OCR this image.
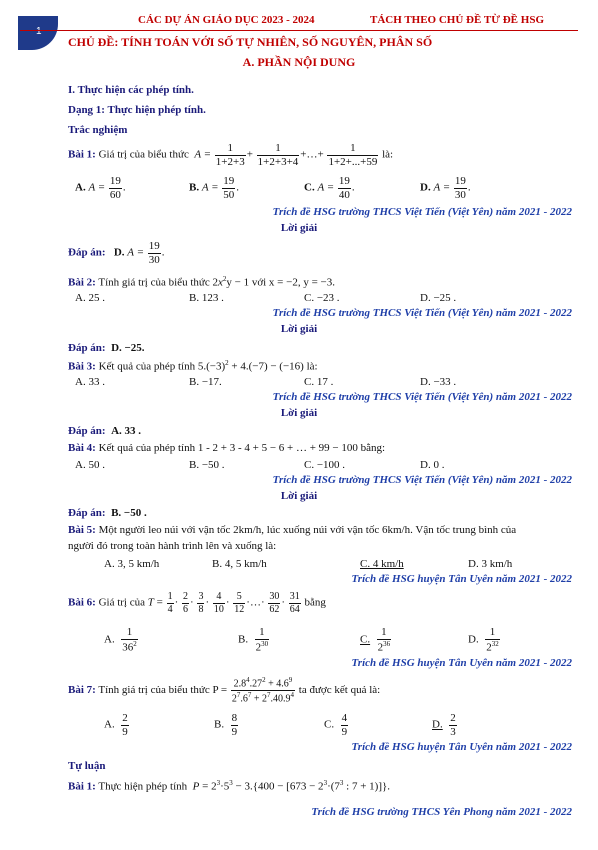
1
CÁC DỰ ÁN GIÁO DỤC 2023 - 2024	TÁCH THEO CHỦ ĐỀ TỪ ĐỀ HSG
CHỦ ĐỀ: TÍNH TOÁN VỚI SỐ TỰ NHIÊN, SỐ NGUYÊN, PHÂN SỐ
A. PHẦN NỘI DUNG
I. Thực hiện các phép tính.
Dạng 1: Thực hiện phép tính.
Trắc nghiệm
Bài 1: Giá trị của biểu thức  $A = \frac{1}{1+2+3} + \frac{1}{1+2+3+4}$ +…+ $\frac{1}{1+2+...+59}$ là:
A. $A = \frac{19}{60}$ .	B. $A = \frac{19}{50}$ .	C. $A = \frac{19}{40}$ .	D. $A = \frac{19}{30}$ .
Trích đề HSG trường THCS Việt Tiến (Việt Yên) năm 2021 - 2022
Lời giải
Đáp án: D. $A = \frac{19}{30}$ .
Bài 2: Tính giá trị của biểu thức $2x^2y - 1$ với x = −2, y = −3.
A. 25 .	B. 123 .	C. −23 .	D. −25 .
Trích đề HSG trường THCS Việt Tiến (Việt Yên) năm 2021 - 2022
Lời giải
Đáp án: D. −25.
Bài 3: Kết quả của phép tính $5.(-3)^2 + 4.(-7) - (-16)$ là:
A. 33 .	B. −17.	C. 17 .	D. −33 .
Trích đề HSG trường THCS Việt Tiến (Việt Yên) năm 2021 - 2022
Lời giải
Đáp án: A. 33 .
Bài 4: Kết quả của phép tính 1 - 2 + 3 - 4 + 5 − 6 + … + 99 − 100 bằng:
A. 50 .	B. −50 .	C. −100 .	D. 0 .
Trích đề HSG trường THCS Việt Tiến (Việt Yên) năm 2021 - 2022
Lời giải
Đáp án: B. −50 .
Bài 5: Một người leo núi với vận tốc 2km/h, lúc xuống núi với vận tốc 6km/h. Vận tốc trung bình của
người đó trong toàn hành trình lên và xuống là:
A. 3, 5 km/h	B. 4, 5 km/h	C. 4 km/h	D. 3 km/h
Trích đề HSG huyện Tân Uyên năm 2021 - 2022
Bài 6: Giá trị của $T = \frac{1}{4} \cdot \frac{2}{6} \cdot \frac{3}{8} \cdot \frac{4}{10} \cdot \frac{5}{12}$ ·…· $\frac{30}{62} \cdot \frac{31}{64}$ bằng
A. $\frac{1}{36^2}$	B. $\frac{1}{2^{30}}$	C. $\frac{1}{2^{36}}$	D. $\frac{1}{2^{32}}$
Trích đề HSG huyện Tân Uyên năm 2021 - 2022
Bài 7: Tính giá trị của biểu thức $P = \frac{2.8^4.27^2 + 4.6^9}{2^7.6^7 + 2^7.40.9^4}$ ta được kết quả là:
A. $\frac{2}{9}$	B. $\frac{8}{9}$	C. $\frac{4}{9}$	D. $\frac{2}{3}$
Trích đề HSG huyện Tân Uyên năm 2021 - 2022
Tự luận
Bài 1: Thực hiện phép tính $P = 2^3\cdot 5^3 - 3.\{400 - [673 - 2^3\cdot(7^3$ : 7 + 1)]}.
Trích đề HSG trường THCS Yên Phong năm 2021 - 2022
